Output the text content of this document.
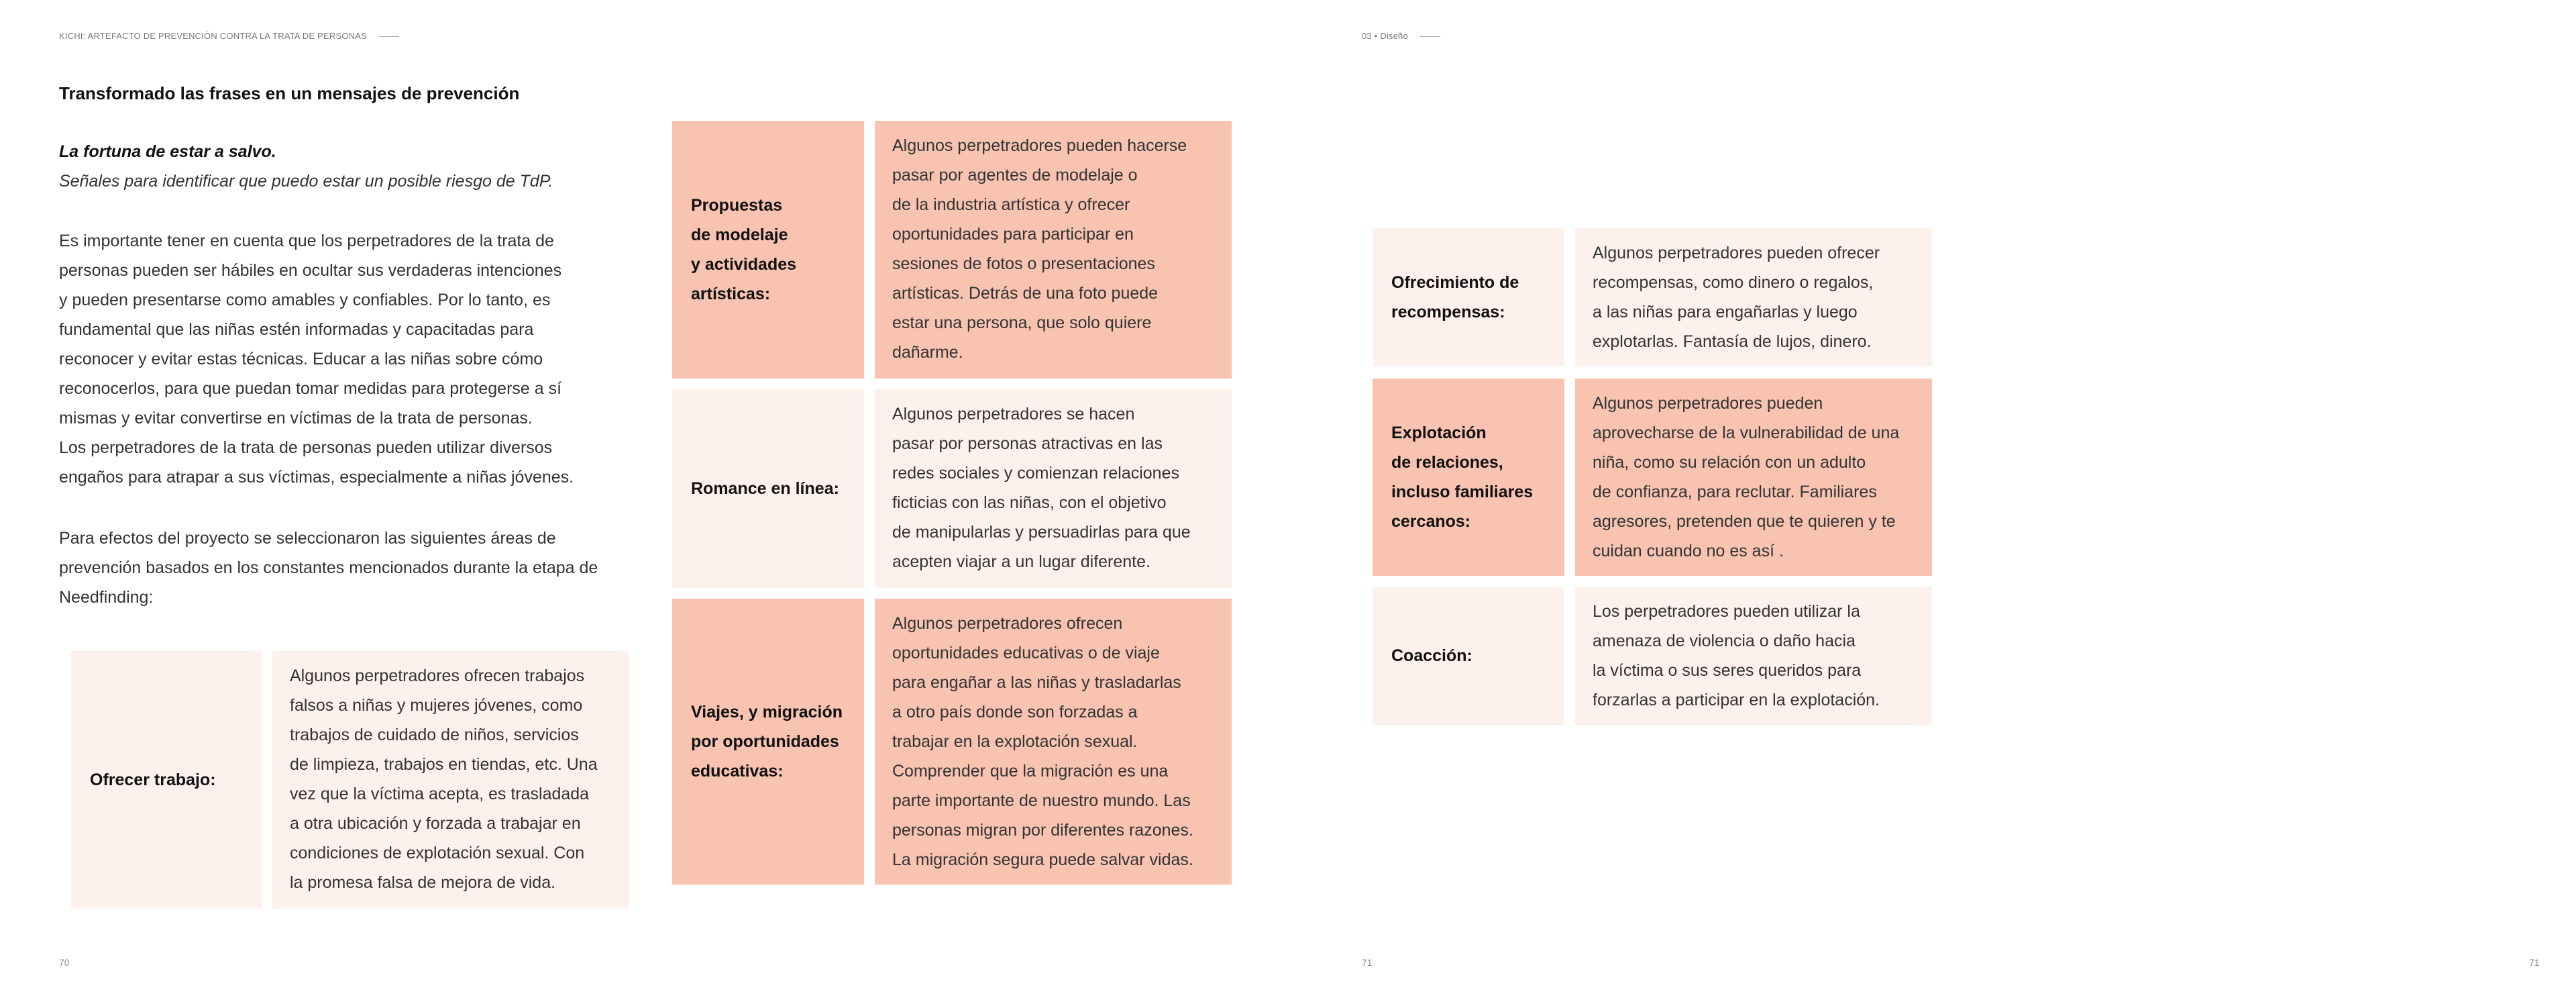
KICHI: ARTEFACTO DE PREVENCIÓN CONTRA LA TRATA DE PERSONAS	03 • Diseño
Transformado las frases en un mensajes de prevención
La fortuna de estar a salvo.
Señales para identificar que puedo estar un posible riesgo de TdP.
Es importante tener en cuenta que los perpetradores de la trata de
personas pueden ser hábiles en ocultar sus verdaderas intenciones
y pueden presentarse como amables y confiables. Por lo tanto, es
fundamental que las niñas estén informadas y capacitadas para
reconocer y evitar estas técnicas. Educar a las niñas sobre cómo
reconocerlos, para que puedan tomar medidas para protegerse a sí
mismas y evitar convertirse en víctimas de la trata de personas.
Los perpetradores de la trata de personas pueden utilizar diversos
engaños para atrapar a sus víctimas, especialmente a niñas jóvenes.
Para efectos del proyecto se seleccionaron las siguientes áreas de
prevención basados en los constantes mencionados durante la etapa de
Needfinding:
Ofrecer trabajo:
Algunos perpetradores ofrecen trabajos
falsos a niñas y mujeres jóvenes, como
trabajos de cuidado de niños, servicios
de limpieza, trabajos en tiendas, etc. Una
vez que la víctima acepta, es trasladada
a otra ubicación y forzada a trabajar en
condiciones de explotación sexual. Con
la promesa falsa de mejora de vida.
Propuestas
de modelaje
y actividades
artísticas:
Algunos perpetradores pueden hacerse
pasar por agentes de modelaje o
de la industria artística y ofrecer
oportunidades para participar en
sesiones de fotos o presentaciones
artísticas. Detrás de una foto puede
estar una persona, que solo quiere
dañarme.
Romance en línea:
Algunos perpetradores se hacen
pasar por personas atractivas en las
redes sociales y comienzan relaciones
ficticias con las niñas, con el objetivo
de manipularlas y persuadirlas para que
acepten viajar a un lugar diferente.
Viajes, y migración
por oportunidades
educativas:
Algunos perpetradores ofrecen
oportunidades educativas o de viaje
para engañar a las niñas y trasladarlas
a otro país donde son forzadas a
trabajar en la explotación sexual.
Comprender que la migración es una
parte importante de nuestro mundo. Las
personas migran por diferentes razones.
La migración segura puede salvar vidas.
Ofrecimiento de
recompensas:
Algunos perpetradores pueden ofrecer
recompensas, como dinero o regalos,
a las niñas para engañarlas y luego
explotarlas. Fantasía de lujos, dinero.
Explotación
de relaciones,
incluso familiares
cercanos:
Algunos perpetradores pueden
aprovecharse de la vulnerabilidad de una
niña, como su relación con un adulto
de confianza, para reclutar. Familiares
agresores, pretenden que te quieren y te
cuidan cuando no es así .
Coacción:
Los perpetradores pueden utilizar la
amenaza de violencia o daño hacia
la víctima o sus seres queridos para
forzarlas a participar en la explotación.
70	71	71
